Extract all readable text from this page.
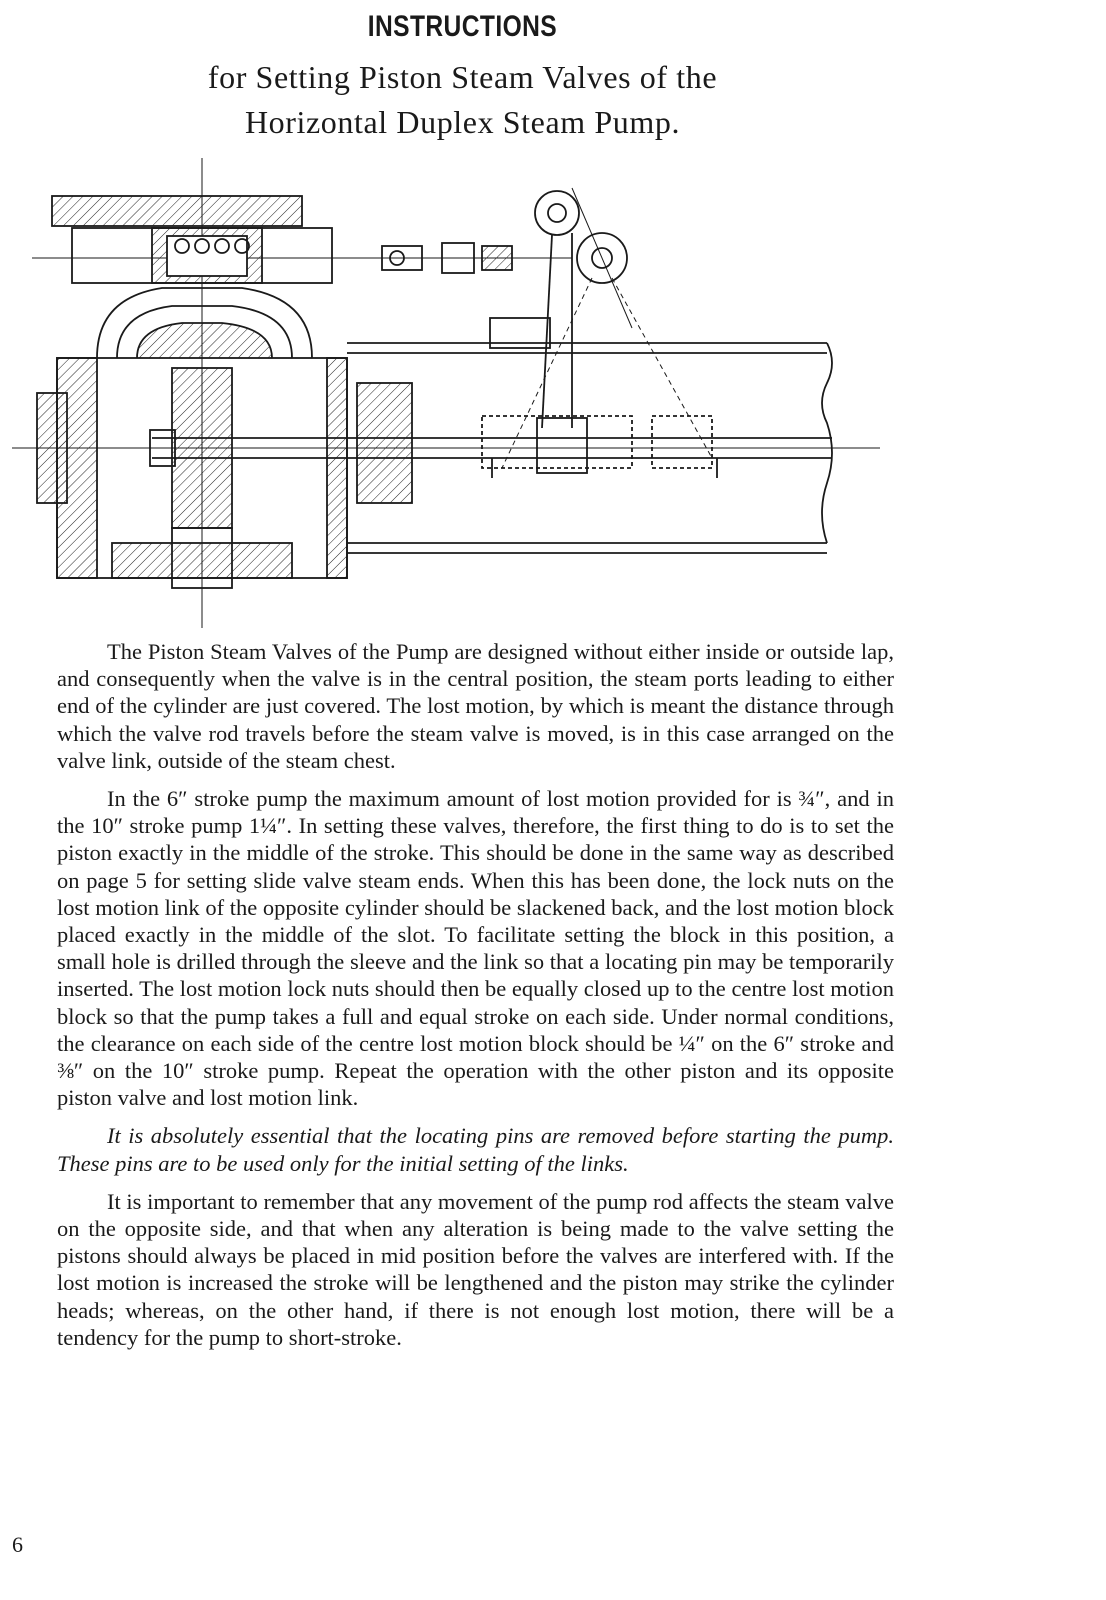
INSTRUCTIONS
for Setting Piston Steam Valves of the
Horizontal Duplex Steam Pump.

The Piston Steam Valves of the Pump are designed without either inside or outside lap, and consequently when the valve is in the central position, the steam ports leading to either end of the cylinder are just covered. The lost motion, by which is meant the distance through which the valve rod travels before the steam valve is moved, is in this case arranged on the valve link, outside of the steam chest.

In the 6″ stroke pump the maximum amount of lost motion provided for is ¾″, and in the 10″ stroke pump 1¼″. In setting these valves, therefore, the first thing to do is to set the piston exactly in the middle of the stroke. This should be done in the same way as described on page 5 for setting slide valve steam ends. When this has been done, the lock nuts on the lost motion link of the opposite cylinder should be slackened back, and the lost motion block placed exactly in the middle of the slot. To facilitate setting the block in this position, a small hole is drilled through the sleeve and the link so that a locating pin may be temporarily inserted. The lost motion lock nuts should then be equally closed up to the centre lost motion block so that the pump takes a full and equal stroke on each side. Under normal conditions, the clearance on each side of the centre lost motion block should be ¼″ on the 6″ stroke and ⅜″ on the 10″ stroke pump. Repeat the operation with the other piston and its opposite piston valve and lost motion link.

It is absolutely essential that the locating pins are removed before starting the pump. These pins are to be used only for the initial setting of the links.

It is important to remember that any movement of the pump rod affects the steam valve on the opposite side, and that when any alteration is being made to the valve setting the pistons should always be placed in mid position before the valves are interfered with. If the lost motion is increased the stroke will be lengthened and the piston may strike the cylinder heads; whereas, on the other hand, if there is not enough lost motion, there will be a tendency for the pump to short-stroke.

6
